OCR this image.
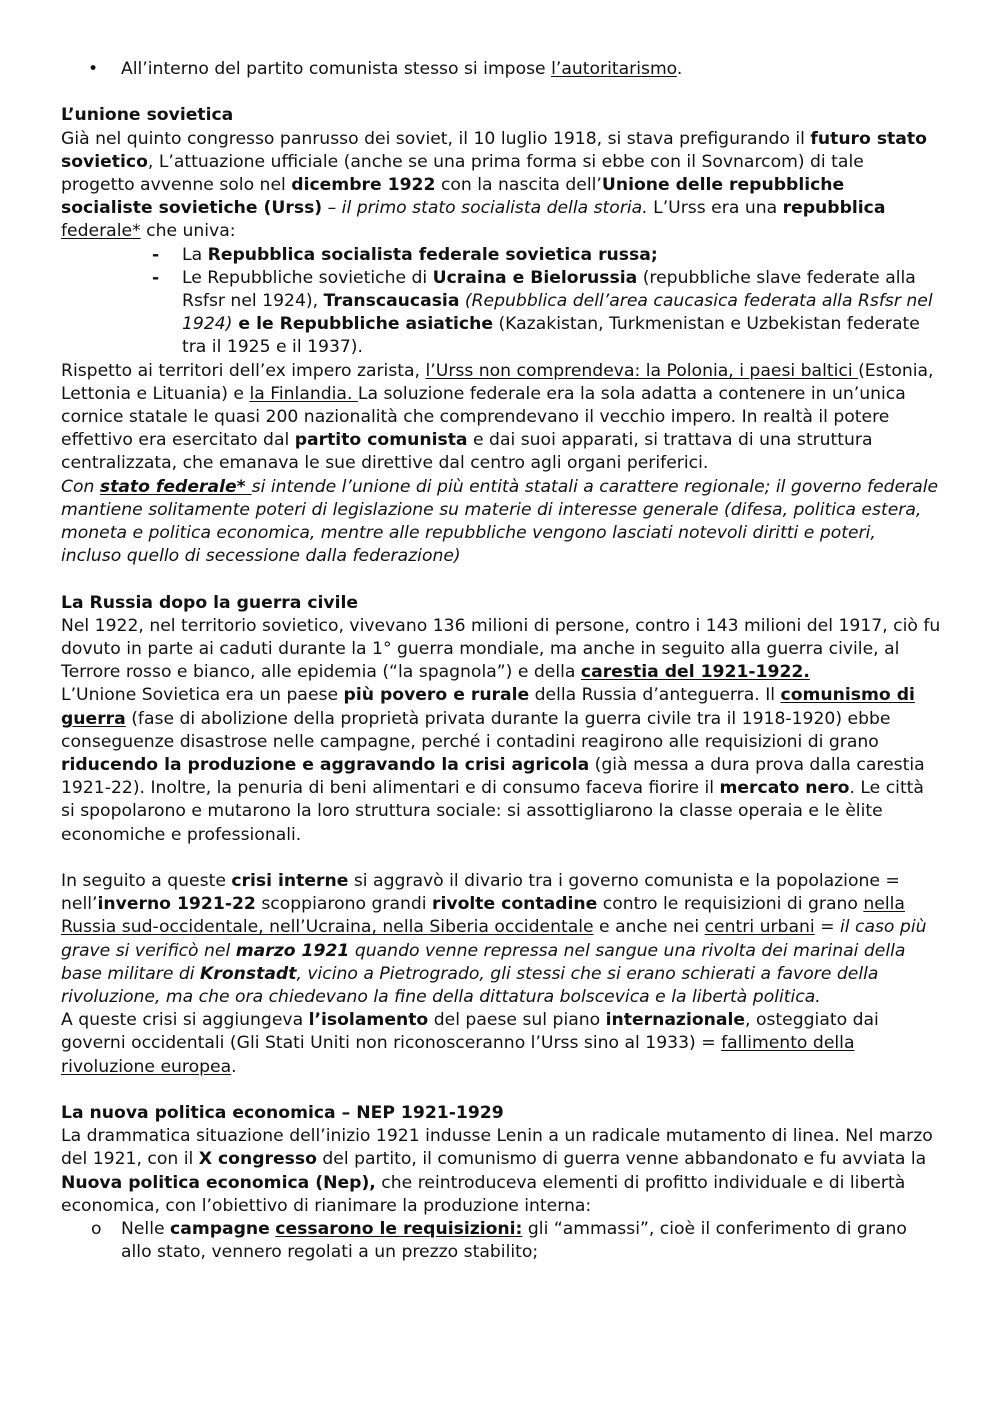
• All’interno del partito comunista stesso si impose l’autoritarismo.

L’unione sovietica

Già nel quinto congresso panrusso dei soviet, il 10 luglio 1918, si stava prefigurando il futuro stato sovietico, L’attuazione ufficiale (anche se una prima forma si ebbe con il Sovnarcom) di tale progetto avvenne solo nel dicembre 1922 con la nascita dell’Unione delle repubbliche socialiste sovietiche (Urss) – il primo stato socialista della storia. L’Urss era una repubblica federale* che univa:

- La Repubblica socialista federale sovietica russa;

- Le Repubbliche sovietiche di Ucraina e Bielorussia (repubbliche slave federate alla Rsfsr nel 1924), Transcaucasia (Repubblica dell’area caucasica federata alla Rsfsr nel 1924) e le Repubbliche asiatiche (Kazakistan, Turkmenistan e Uzbekistan federate tra il 1925 e il 1937).

Rispetto ai territori dell’ex impero zarista, l’Urss non comprendeva: la Polonia, i paesi baltici (Estonia, Lettonia e Lituania) e la Finlandia. La soluzione federale era la sola adatta a contenere in un’unica cornice statale le quasi 200 nazionalità che comprendevano il vecchio impero. In realtà il potere effettivo era esercitato dal partito comunista e dai suoi apparati, si trattava di una struttura centralizzata, che emanava le sue direttive dal centro agli organi periferici.

Con stato federale* si intende l’unione di più entità statali a carattere regionale; il governo federale mantiene solitamente poteri di legislazione su materie di interesse generale (difesa, politica estera, moneta e politica economica, mentre alle repubbliche vengono lasciati notevoli diritti e poteri, incluso quello di secessione dalla federazione)

La Russia dopo la guerra civile

Nel 1922, nel territorio sovietico, vivevano 136 milioni di persone, contro i 143 milioni del 1917, ciò fu dovuto in parte ai caduti durante la 1° guerra mondiale, ma anche in seguito alla guerra civile, al Terrore rosso e bianco, alle epidemia (“la spagnola”) e della carestia del 1921-1922.

L’Unione Sovietica era un paese più povero e rurale della Russia d’anteguerra. Il comunismo di guerra (fase di abolizione della proprietà privata durante la guerra civile tra il 1918-1920) ebbe conseguenze disastrose nelle campagne, perché i contadini reagirono alle requisizioni di grano riducendo la produzione e aggravando la crisi agricola (già messa a dura prova dalla carestia 1921-22). Inoltre, la penuria di beni alimentari e di consumo faceva fiorire il mercato nero. Le città si spopolarono e mutarono la loro struttura sociale: si assottigliarono la classe operaia e le èlite economiche e professionali.

In seguito a queste crisi interne si aggravò il divario tra i governo comunista e la popolazione = nell’inverno 1921-22 scoppiarono grandi rivolte contadine contro le requisizioni di grano nella Russia sud-occidentale, nell’Ucraina, nella Siberia occidentale e anche nei centri urbani = il caso più grave si verificò nel marzo 1921 quando venne repressa nel sangue una rivolta dei marinai della base militare di Kronstadt, vicino a Pietrogrado, gli stessi che si erano schierati a favore della rivoluzione, ma che ora chiedevano la fine della dittatura bolscevica e la libertà politica.

A queste crisi si aggiungeva l’isolamento del paese sul piano internazionale, osteggiato dai governi occidentali (Gli Stati Uniti non riconosceranno l’Urss sino al 1933) = fallimento della rivoluzione europea.

La nuova politica economica – NEP 1921-1929

La drammatica situazione dell’inizio 1921 indusse Lenin a un radicale mutamento di linea. Nel marzo del 1921, con il X congresso del partito, il comunismo di guerra venne abbandonato e fu avviata la Nuova politica economica (Nep), che reintroduceva elementi di profitto individuale e di libertà economica, con l’obiettivo di rianimare la produzione interna:

o Nelle campagne cessarono le requisizioni: gli “ammassi”, cioè il conferimento di grano allo stato, vennero regolati a un prezzo stabilito;
